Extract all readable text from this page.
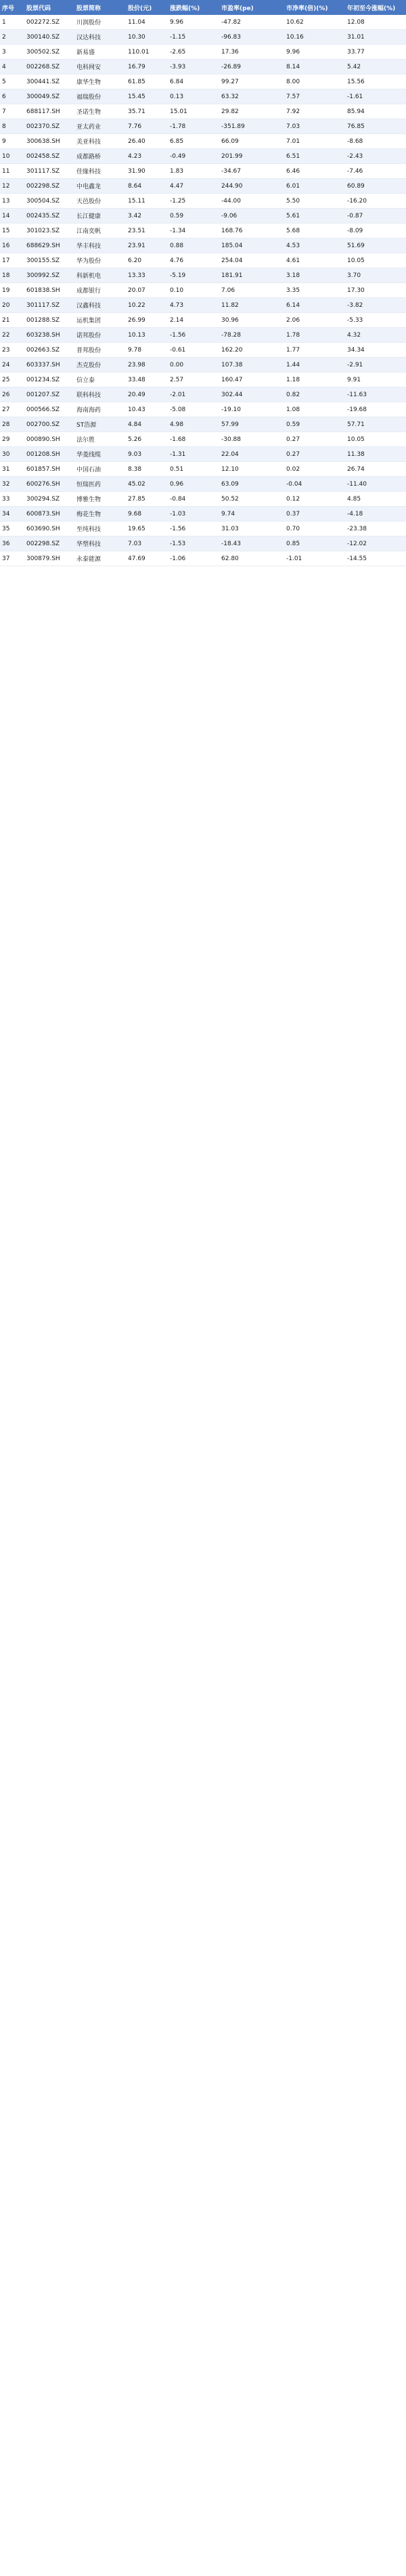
序号	股票代码	股票简称	股价(元)	涨跌幅(%)	市盈率(pe)	市净率(倍)(%)	年初至今涨幅(%)
1	002272.SZ	川润股份	11.04	9.96	-47.82	10.62	12.08
2	300140.SZ	汉达科技	10.30	-1.15	-96.83	10.16	31.01
3	300502.SZ	新易盛	110.01	-2.65	17.36	9.96	33.77
4	002268.SZ	电科网安	16.79	-3.93	-26.89	8.14	5.42
5	300441.SZ	康华生物	61.85	6.84	99.27	8.00	15.56
6	300049.SZ	福瑞股份	15.45	0.13	63.32	7.57	-1.61
7	688117.SH	圣诺生物	35.71	15.01	29.82	7.92	85.94
8	002370.SZ	亚太药业	7.76	-1.78	-351.89	7.03	76.85
9	300638.SH	美亚科技	26.40	6.85	66.09	7.01	-8.68
10	002458.SZ	成都路桥	4.23	-0.49	201.99	6.51	-2.43
11	301117.SZ	佳缘科技	31.90	1.83	-34.67	6.46	-7.46
12	002298.SZ	中电鑫龙	8.64	4.47	244.90	6.01	60.89
13	300504.SZ	天邑股份	15.11	-1.25	-44.00	5.50	-16.20
14	002435.SZ	长江健康	3.42	0.59	-9.06	5.61	-0.87
15	301023.SZ	江南奕帆	23.51	-1.34	168.76	5.68	-8.09
16	688629.SH	华丰科技	23.91	0.88	185.04	4.53	51.69
17	300155.SZ	华为股份	6.20	4.76	254.04	4.61	10.05
18	300992.SZ	科新机电	13.33	-5.19	181.91	3.18	3.70
19	601838.SH	成都银行	20.07	0.10	7.06	3.35	17.30
20	301117.SZ	汉鑫科技	10.22	4.73	11.82	6.14	-3.82
21	001288.SZ	运机集团	26.99	2.14	30.96	2.06	-5.33
22	603238.SH	诺邦股份	10.13	-1.56	-78.28	1.78	4.32
23	002663.SZ	普邦股份	9.78	-0.61	162.20	1.77	34.34
24	603337.SH	杰克股份	23.98	0.00	107.38	1.44	-2.91
25	001234.SZ	信立泰	33.48	2.57	160.47	1.18	9.91
26	001207.SZ	联科科技	20.49	-2.01	302.44	0.82	-11.63
27	000566.SZ	海南海药	10.43	-5.08	-19.10	1.08	-19.68
28	002700.SZ	ST浩源	4.84	4.98	57.99	0.59	57.71
29	000890.SH	法尔胜	5.26	-1.68	-30.88	0.27	10.05
30	001208.SH	华菱线缆	9.03	-1.31	22.04	0.27	11.38
31	601857.SH	中国石油	8.38	0.51	12.10	0.02	26.74
32	600276.SH	恒瑞医药	45.02	0.96	63.09	-0.04	-11.40
33	300294.SZ	博雅生物	27.85	-0.84	50.52	0.12	4.85
34	600873.SH	梅花生物	9.68	-1.03	9.74	0.37	-4.18
35	603690.SH	至纯科技	19.65	-1.56	31.03	0.70	-23.38
36	002298.SZ	华塑科技	7.03	-1.53	-18.43	0.85	-12.02
37	300879.SH	永泰能源	47.69	-1.06	62.80	-1.01	-14.55
